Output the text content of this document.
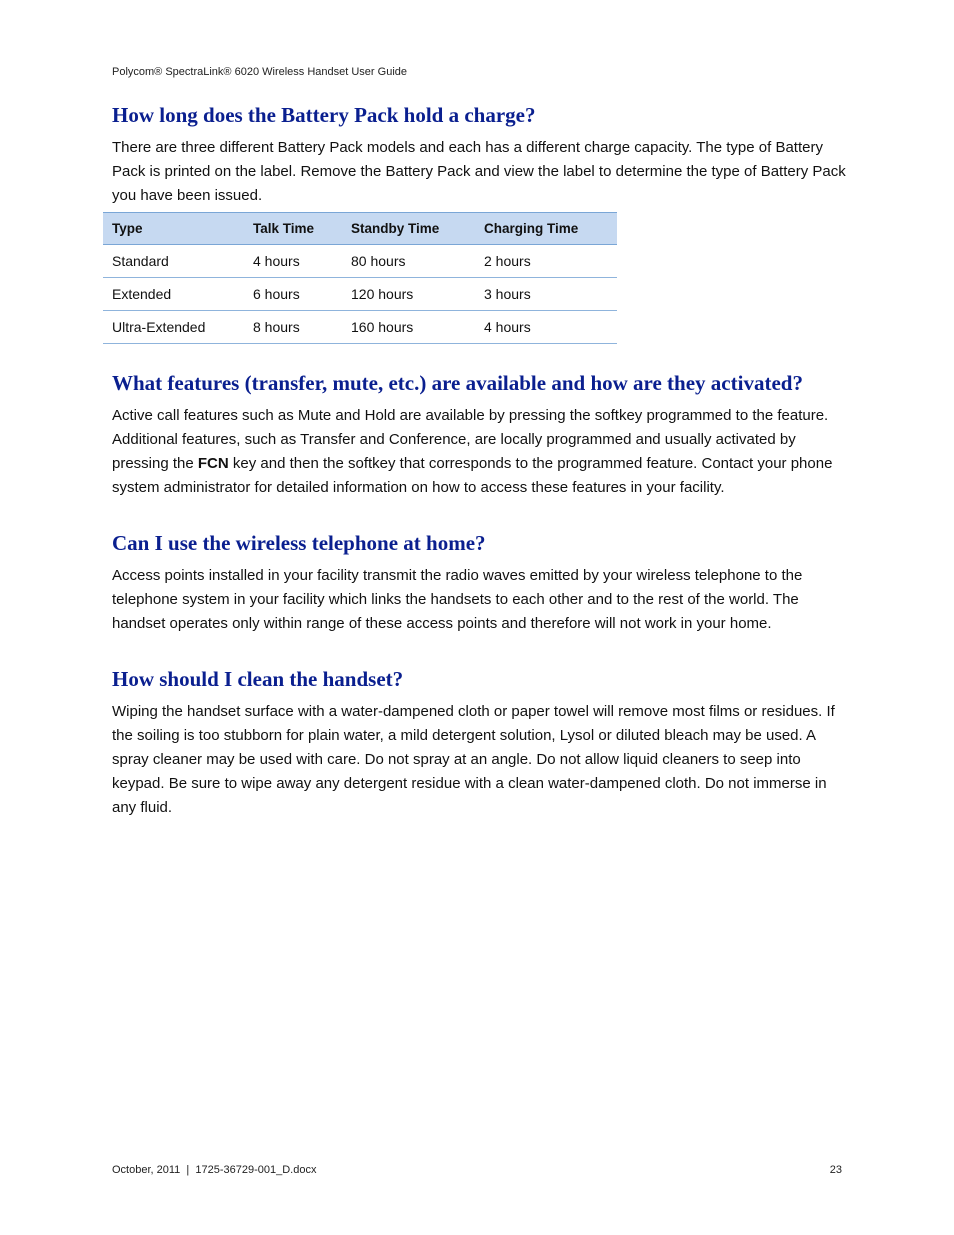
Polycom® SpectraLink® 6020 Wireless Handset User Guide
How long does the Battery Pack hold a charge?

There are three different Battery Pack models and each has a different charge capacity. The type of Battery Pack is printed on the label. Remove the Battery Pack and view the label to determine the type of Battery Pack you have been issued.

Type	Talk Time	Standby Time	Charging Time
Standard	4 hours	80 hours	2 hours
Extended	6 hours	120 hours	3 hours
Ultra-Extended	8 hours	160 hours	4 hours
What features (transfer, mute, etc.) are available and how are they activated?

Active call features such as Mute and Hold are available by pressing the softkey programmed to the feature. Additional features, such as Transfer and Conference, are locally programmed and usually activated by pressing the FCN key and then the softkey that corresponds to the programmed feature. Contact your phone system administrator for detailed information on how to access these features in your facility.

Can I use the wireless telephone at home?

Access points installed in your facility transmit the radio waves emitted by your wireless telephone to the telephone system in your facility which links the handsets to each other and to the rest of the world. The handset operates only within range of these access points and therefore will not work in your home.

How should I clean the handset?

Wiping the handset surface with a water-dampened cloth or paper towel will remove most films or residues. If the soiling is too stubborn for plain water, a mild detergent solution, Lysol or diluted bleach may be used. A spray cleaner may be used with care. Do not spray at an angle. Do not allow liquid cleaners to seep into keypad. Be sure to wipe away any detergent residue with a clean water-dampened cloth. Do not immerse in any fluid.

October, 2011  |  1725-36729-001_D.docx	23
